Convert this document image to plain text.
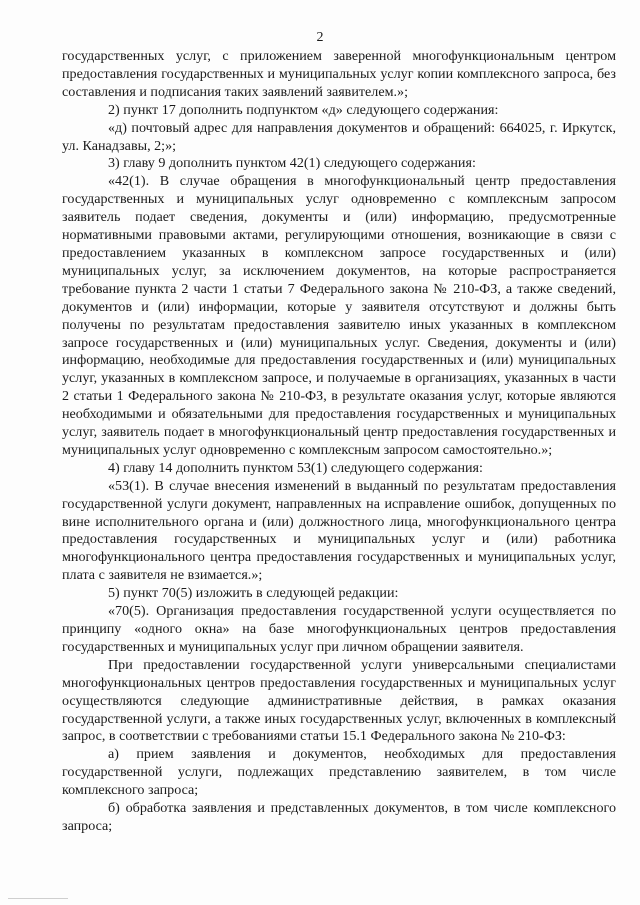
2

государственных услуг, с приложением заверенной многофункциональным центром предоставления государственных и муниципальных услуг копии комплексного запроса, без составления и подписания таких заявлений заявителем.»;

2) пункт 17 дополнить подпунктом «д» следующего содержания:

«д) почтовый адрес для направления документов и обращений: 664025, г. Иркутск, ул. Канадзавы, 2;»;

3) главу 9 дополнить пунктом 42(1) следующего содержания:

«42(1). В случае обращения в многофункциональный центр предоставления государственных и муниципальных услуг одновременно с комплексным запросом заявитель подает сведения, документы и (или) информацию, предусмотренные нормативными правовыми актами, регулирующими отношения, возникающие в связи с предоставлением указанных в комплексном запросе государственных и (или) муниципальных услуг, за исключением документов, на которые распространяется требование пункта 2 части 1 статьи 7 Федерального закона № 210-ФЗ, а также сведений, документов и (или) информации, которые у заявителя отсутствуют и должны быть получены по результатам предоставления заявителю иных указанных в комплексном запросе государственных и (или) муниципальных услуг. Сведения, документы и (или) информацию, необходимые для предоставления государственных и (или) муниципальных услуг, указанных в комплексном запросе, и получаемые в организациях, указанных в части 2 статьи 1 Федерального закона № 210-ФЗ, в результате оказания услуг, которые являются необходимыми и обязательными для предоставления государственных и муниципальных услуг, заявитель подает в многофункциональный центр предоставления государственных и муниципальных услуг одновременно с комплексным запросом самостоятельно.»;

4) главу 14 дополнить пунктом 53(1) следующего содержания:

«53(1). В случае внесения изменений в выданный по результатам предоставления государственной услуги документ, направленных на исправление ошибок, допущенных по вине исполнительного органа и (или) должностного лица, многофункционального центра предоставления государственных и муниципальных услуг и (или) работника многофункционального центра предоставления государственных и муниципальных услуг, плата с заявителя не взимается.»;

5) пункт 70(5) изложить в следующей редакции:

«70(5). Организация предоставления государственной услуги осуществляется по принципу «одного окна» на базе многофункциональных центров предоставления государственных и муниципальных услуг при личном обращении заявителя.

При предоставлении государственной услуги универсальными специалистами многофункциональных центров предоставления государственных и муниципальных услуг осуществляются следующие административные действия, в рамках оказания государственной услуги, а также иных государственных услуг, включенных в комплексный запрос, в соответствии с требованиями статьи 15.1 Федерального закона № 210-ФЗ:

а) прием заявления и документов, необходимых для предоставления государственной услуги, подлежащих представлению заявителем, в том числе комплексного запроса;

б) обработка заявления и представленных документов, в том числе комплексного запроса;
